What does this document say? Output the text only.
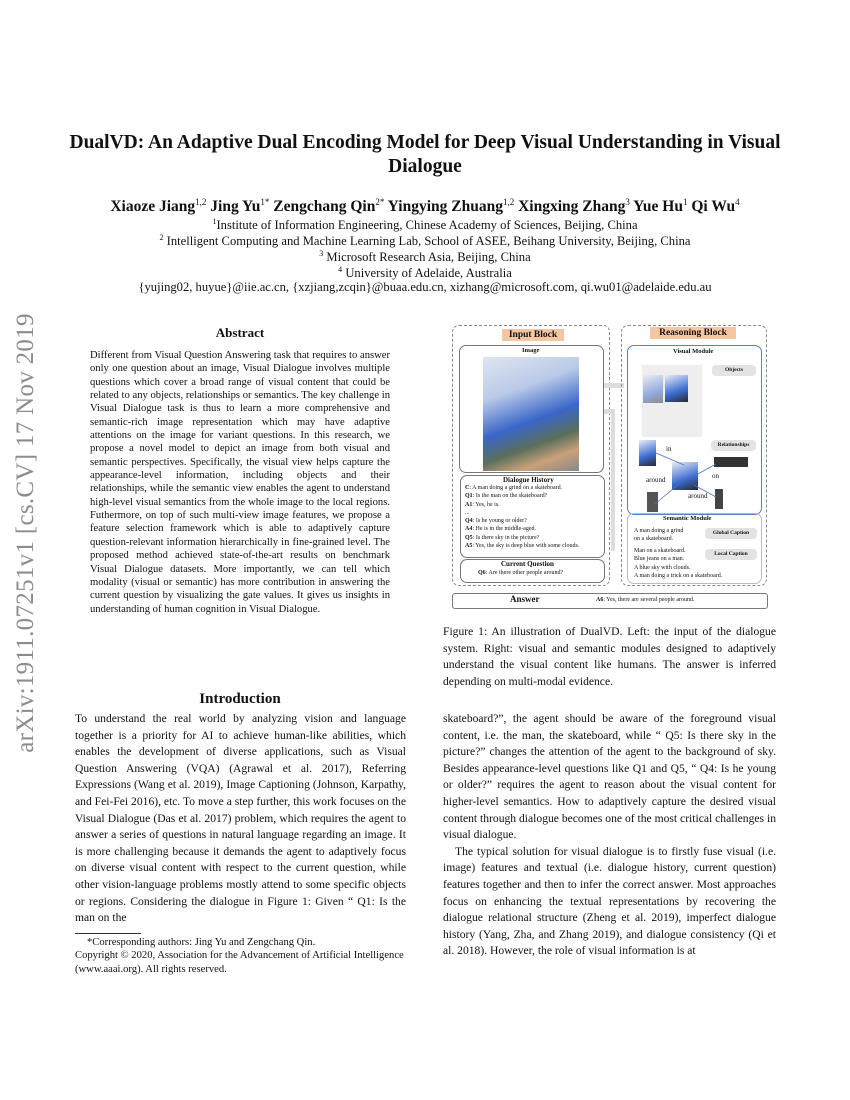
arXiv:1911.07251v1 [cs.CV] 17 Nov 2019
DualVD: An Adaptive Dual Encoding Model for Deep Visual Understanding in Visual Dialogue
Xiaoze Jiang$^{1,2}$ Jing $Yu^{1*}$ Zengchang Qin$^{2*}$ Yingying Zhuang$^{1,2}$ Xingxing Zhang$^3$ Yue Hu$^1$ Qi Wu$^4$
$^1$Institute of Information Engineering, Chinese Academy of Sciences, Beijing, China
$^2$ Intelligent Computing and Machine Learning Lab, School of ASEE, Beihang University, Beijing, China
$^3$ Microsoft Research Asia, Beijing, China
$^4$ University of Adelaide, Australia
{yujing02, huyue}@iie.ac.cn, {xzjiang,zcqin}@buaa.edu.cn, xizhang@microsoft.com, qi.wu01@adelaide.edu.au
Abstract
Different from Visual Question Answering task that requires to answer only one question about an image, Visual Dialogue involves multiple questions which cover a broad range of visual content that could be related to any objects, relationships or semantics. The key challenge in Visual Dialogue task is thus to learn a more comprehensive and semantic-rich image representation which may have adaptive attentions on the image for variant questions. In this research, we propose a novel model to depict an image from both visual and semantic perspectives. Specifically, the visual view helps capture the appearance-level information, including objects and their relationships, while the semantic view enables the agent to understand high-level visual semantics from the whole image to the local regions. Futhermore, on top of such multi-view image features, we propose a feature selection framework which is able to adaptively capture question-relevant information hierarchically in fine-grained level. The proposed method achieved state-of-the-art results on benchmark Visual Dialogue datasets. More importantly, we can tell which modality (visual or semantic) has more contribution in answering the current question by visualizing the gate values. It gives us insights in understanding of human cognition in Visual Dialogue.
Introduction
To understand the real world by analyzing vision and language together is a priority for AI to achieve human-like abilities, which enables the development of diverse applications, such as Visual Question Answering (VQA) (Agrawal et al. 2017), Referring Expressions (Wang et al. 2019), Image Captioning (Johnson, Karpathy, and Fei-Fei 2016), etc. To move a step further, this work focuses on the Visual Dialogue (Das et al. 2017) problem, which requires the agent to answer a series of questions in natural language regarding an image. It is more challenging because it demands the agent to adaptively focus on diverse visual content with respect to the current question, while other vision-language problems mostly attend to some specific objects or regions. Considering the dialogue in Figure 1: Given “ Q1: Is the man on the

*Corresponding authors: Jing Yu and Zengchang Qin.

Copyright © 2020, Association for the Advancement of Artificial Intelligence (www.aaai.org). All rights reserved.

Input Block
Image
Dialogue History
C: A man doing a grind on a skateboard.
Q1: Is the man on the skateboard?
A1: Yes, he is.
...
Q4: Is he young or older?
A4: He is in the middle-aged.
Q5: Is there sky in the picture?
A5: Yes, the sky is deep blue with some clouds.
Current Question
Q6: Are there other people around?
Reasoning Block
Visual Module
Objects
Relationships
in
on
around
around
Semantic Module
Global Caption
A man doing a grind
on a skateboard.
Local Caption
Man on a skateboard.
Blue jeans on a man.
A blue sky with clouds.
A man doing a trick on a skateboard.
Answer	A6: Yes, there are several people around.
Figure 1: An illustration of DualVD. Left: the input of the dialogue system. Right: visual and semantic modules designed to adaptively understand the visual content like humans. The answer is inferred depending on multi-modal evidence.

skateboard?”, the agent should be aware of the foreground visual content, i.e. the man, the skateboard, while “ Q5: Is there sky in the picture?” changes the attention of the agent to the background of sky. Besides appearance-level questions like Q1 and Q5, “ Q4: Is he young or older?” requires the agent to reason about the visual content for higher-level semantics. How to adaptively capture the desired visual content through dialogue becomes one of the most critical challenges in visual dialogue.

The typical solution for visual dialogue is to firstly fuse visual (i.e. image) features and textual (i.e. dialogue history, current question) features together and then to infer the correct answer. Most approaches focus on enhancing the textual representations by recovering the dialogue relational structure (Zheng et al. 2019), imperfect dialogue history (Yang, Zha, and Zhang 2019), and dialogue consistency (Qi et al. 2018). However, the role of visual information is at
